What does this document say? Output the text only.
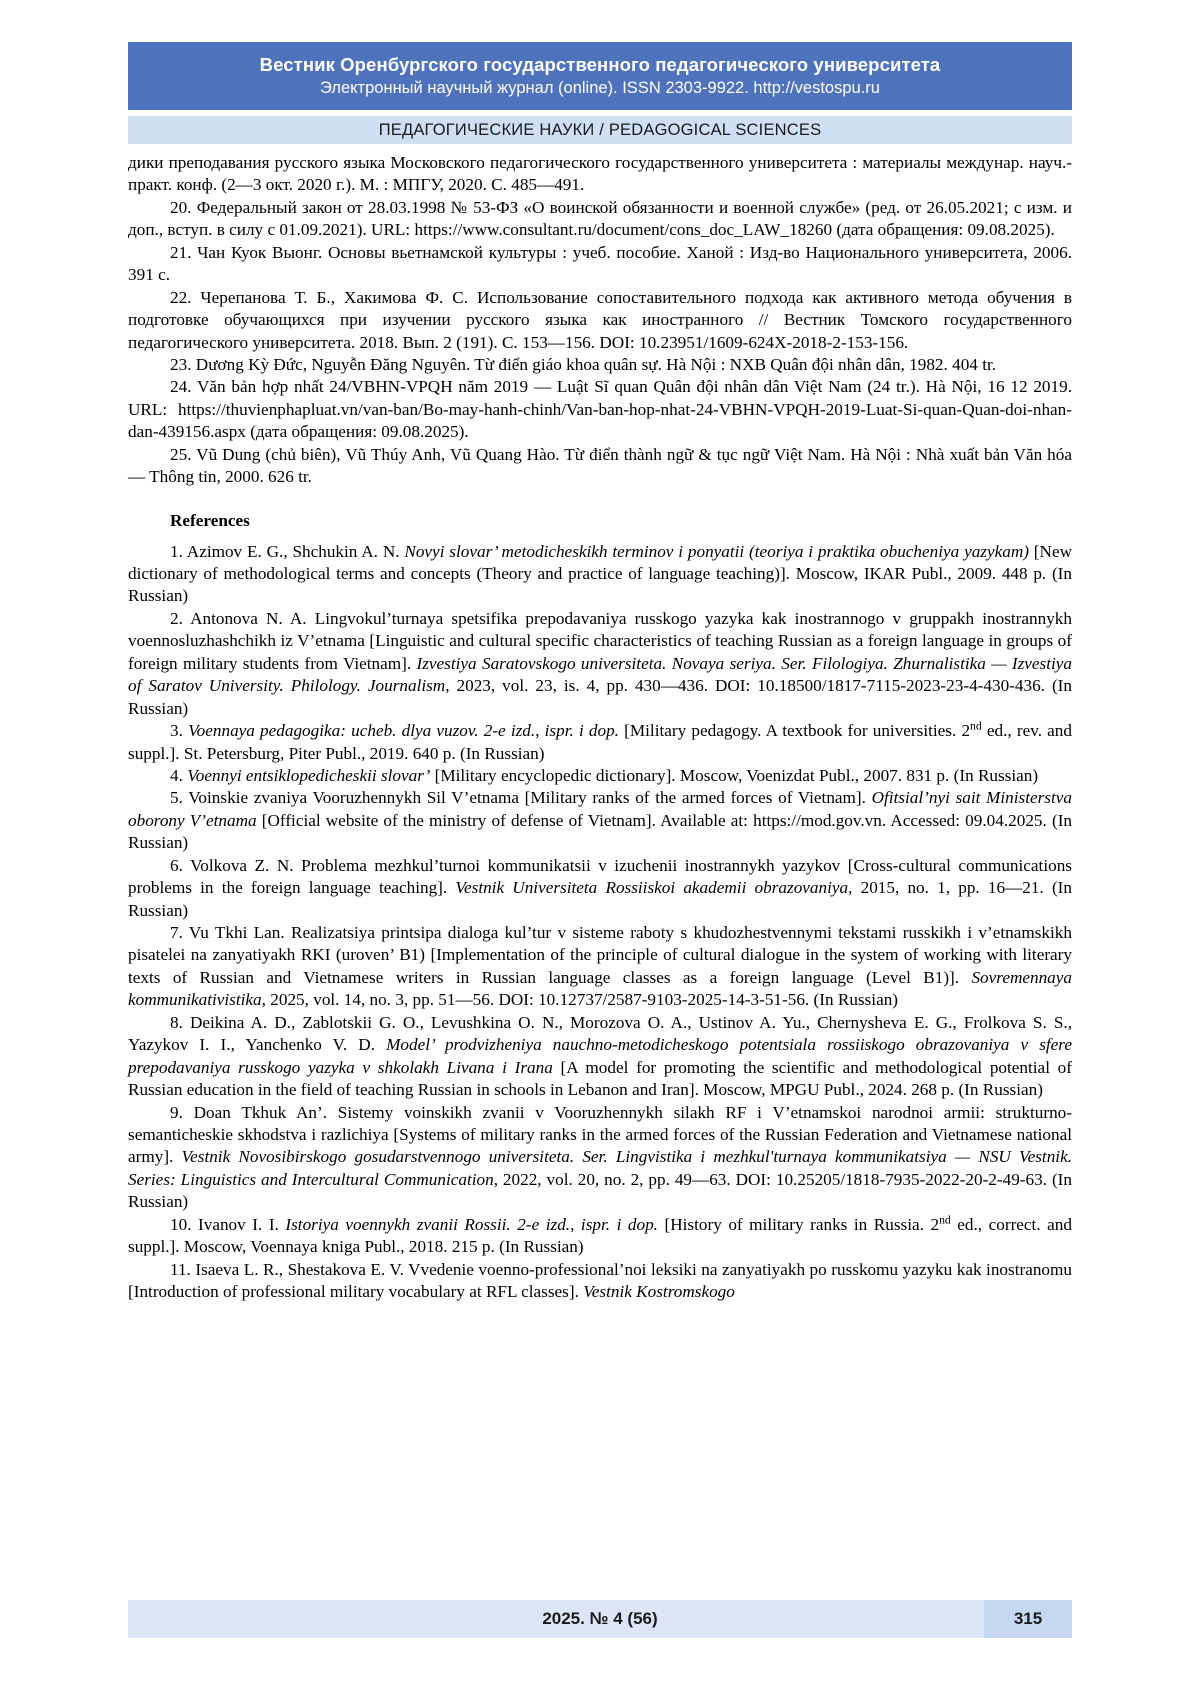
Вестник Оренбургского государственного педагогического университета
Электронный научный журнал (online). ISSN 2303-9922. http://vestospu.ru
ПЕДАГОГИЧЕСКИЕ НАУКИ / PEDAGOGICAL SCIENCES

дики преподавания русского языка Московского педагогического государственного университета : материалы междунар. науч.-практ. конф. (2—3 окт. 2020 г.). М. : МПГУ, 2020. С. 485—491.

20. Федеральный закон от 28.03.1998 № 53-ФЗ «О воинской обязанности и военной службе» (ред. от 26.05.2021; с изм. и доп., вступ. в силу с 01.09.2021). URL: https://www.consultant.ru/document/cons_doc_LAW_18260 (дата обращения: 09.08.2025).

21. Чан Куок Выонг. Основы вьетнамской культуры : учеб. пособие. Ханой : Изд-во Национального университета, 2006. 391 с.

22. Черепанова Т. Б., Хакимова Ф. С. Использование сопоставительного подхода как активного метода обучения в подготовке обучающихся при изучении русского языка как иностранного // Вестник Томского государственного педагогического университета. 2018. Вып. 2 (191). С. 153—156. DOI: 10.23951/1609-624X-2018-2-153-156.

23. Dương Kỳ Đức, Nguyễn Đăng Nguyên. Từ điển giáo khoa quân sự. Hà Nội : NXB Quân đội nhân dân, 1982. 404 tr.

24. Văn bản hợp nhất 24/VBHN-VPQH năm 2019 — Luật Sĩ quan Quân đội nhân dân Việt Nam (24 tr.). Hà Nội, 16 12 2019. URL: https://thuvienphapluat.vn/van-ban/Bo-may-hanh-chinh/Van-ban-hop-nhat-24-VBHN-VPQH-2019-Luat-Si-quan-Quan-doi-nhan-dan-439156.aspx (дата обращения: 09.08.2025).

25. Vũ Dung (chủ biên), Vũ Thúy Anh, Vũ Quang Hào. Từ điển thành ngữ & tục ngữ Việt Nam. Hà Nội : Nhà xuất bản Văn hóa — Thông tin, 2000. 626 tr.

References

1. Azimov E. G., Shchukin A. N. Novyi slovar’ metodicheskikh terminov i ponyatii (teoriya i praktika obucheniya yazykam) [New dictionary of methodological terms and concepts (Theory and practice of language teaching)]. Moscow, IKAR Publ., 2009. 448 p. (In Russian)

2. Antonova N. A. Lingvokul’turnaya spetsifika prepodavaniya russkogo yazyka kak inostrannogo v gruppakh inostrannykh voennosluzhashchikh iz V’etnama [Linguistic and cultural specific characteristics of teaching Russian as a foreign language in groups of foreign military students from Vietnam]. Izvestiya Saratovskogo universiteta. Novaya seriya. Ser. Filologiya. Zhurnalistika — Izvestiya of Saratov University. Philology. Journalism, 2023, vol. 23, is. 4, pp. 430—436. DOI: 10.18500/1817-7115-2023-23-4-430-436. (In Russian)

3. Voennaya pedagogika: ucheb. dlya vuzov. 2-e izd., ispr. i dop. [Military pedagogy. A textbook for universities. 2nd ed., rev. and suppl.]. St. Petersburg, Piter Publ., 2019. 640 p. (In Russian)

4. Voennyi entsiklopedicheskii slovar’ [Military encyclopedic dictionary]. Moscow, Voenizdat Publ., 2007. 831 p. (In Russian)

5. Voinskie zvaniya Vooruzhennykh Sil V’etnama [Military ranks of the armed forces of Vietnam]. Ofitsial’nyi sait Ministerstva oborony V’etnama [Official website of the ministry of defense of Vietnam]. Available at: https://mod.gov.vn. Accessed: 09.04.2025. (In Russian)

6. Volkova Z. N. Problema mezhkul’turnoi kommunikatsii v izuchenii inostrannykh yazykov [Cross-cultural communications problems in the foreign language teaching]. Vestnik Universiteta Rossiiskoi akademii obrazovaniya, 2015, no. 1, pp. 16—21. (In Russian)

7. Vu Tkhi Lan. Realizatsiya printsipa dialoga kul’tur v sisteme raboty s khudozhestvennymi tekstami russkikh i v’etnamskikh pisatelei na zanyatiyakh RKI (uroven’ B1) [Implementation of the principle of cultural dialogue in the system of working with literary texts of Russian and Vietnamese writers in Russian language classes as a foreign language (Level B1)]. Sovremennaya kommunikativistika, 2025, vol. 14, no. 3, pp. 51—56. DOI: 10.12737/2587-9103-2025-14-3-51-56. (In Russian)

8. Deikina A. D., Zablotskii G. O., Levushkina O. N., Morozova O. A., Ustinov A. Yu., Chernysheva E. G., Frolkova S. S., Yazykov I. I., Yanchenko V. D. Model’ prodvizheniya nauchno-metodicheskogo potentsiala rossiiskogo obrazovaniya v sfere prepodavaniya russkogo yazyka v shkolakh Livana i Irana [A model for promoting the scientific and methodological potential of Russian education in the field of teaching Russian in schools in Lebanon and Iran]. Moscow, MPGU Publ., 2024. 268 p. (In Russian)

9. Doan Tkhuk An’. Sistemy voinskikh zvanii v Vooruzhennykh silakh RF i V’etnamskoi narodnoi armii: strukturno-semanticheskie skhodstva i razlichiya [Systems of military ranks in the armed forces of the Russian Federation and Vietnamese national army]. Vestnik Novosibirskogo gosudarstvennogo universiteta. Ser. Lingvistika i mezhkul'turnaya kommunikatsiya — NSU Vestnik. Series: Linguistics and Intercultural Communication, 2022, vol. 20, no. 2, pp. 49—63. DOI: 10.25205/1818-7935-2022-20-2-49-63. (In Russian)

10. Ivanov I. I. Istoriya voennykh zvanii Rossii. 2-e izd., ispr. i dop. [History of military ranks in Russia. 2nd ed., correct. and suppl.]. Moscow, Voennaya kniga Publ., 2018. 215 p. (In Russian)

11. Isaeva L. R., Shestakova E. V. Vvedenie voenno-professional’noi leksiki na zanyatiyakh po russkomu yazyku kak inostranomu [Introduction of professional military vocabulary at RFL classes]. Vestnik Kostromskogo

2025. № 4 (56)	315
